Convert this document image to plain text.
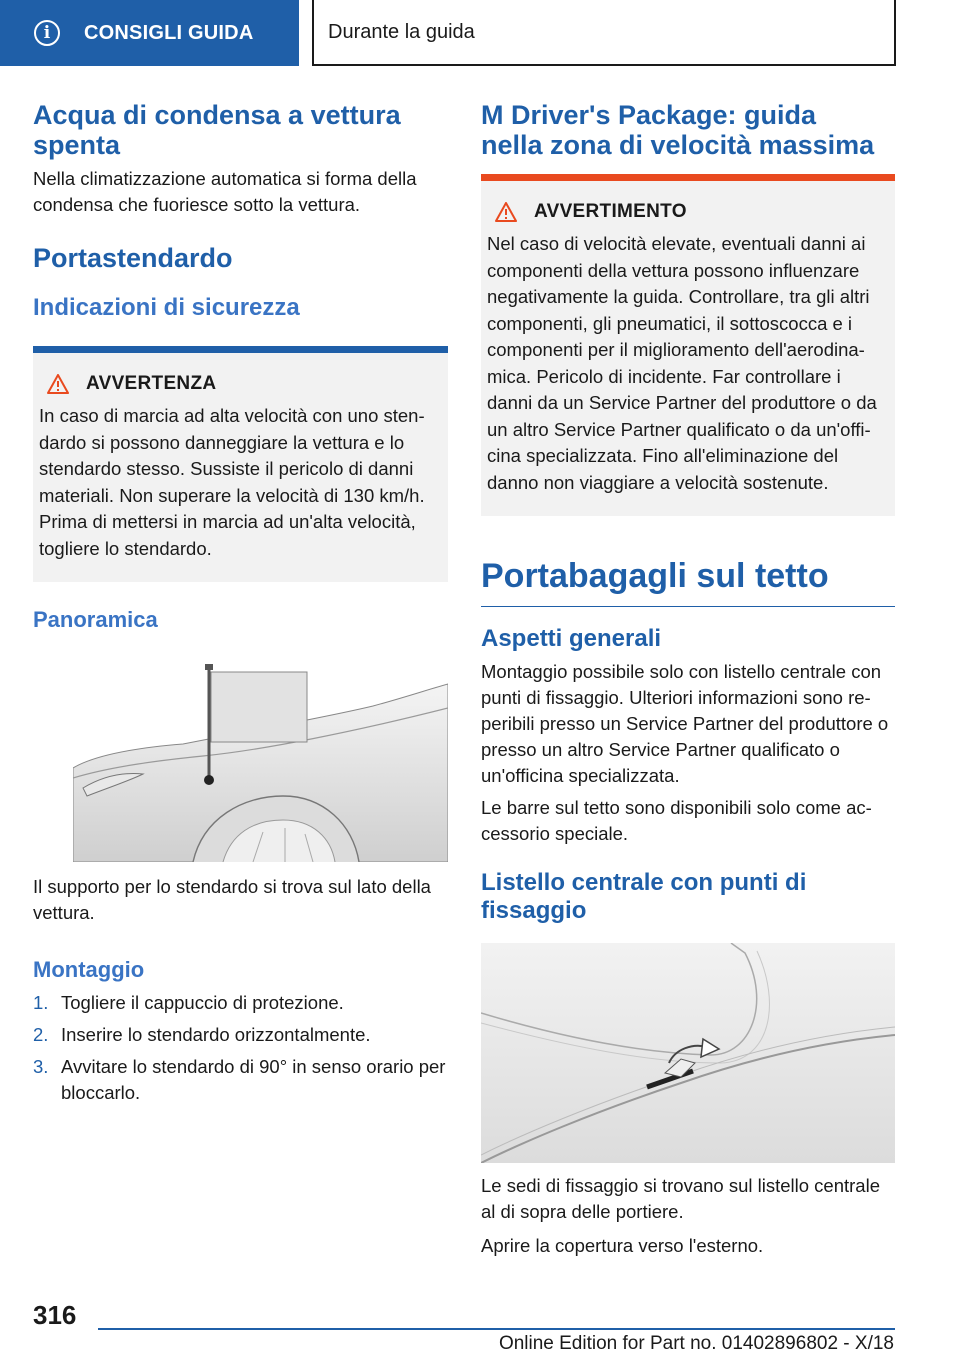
i	CONSIGLI GUIDA	Durante la guida
Acqua di condensa a vettura spenta

Nella climatizzazione automatica si forma della condensa che fuoriesce sotto la vettura.

Portastendardo
Indicazioni di sicurezza
AVVERTENZA

In caso di marcia ad alta velocità con uno sten-dardo si possono danneggiare la vettura e lo stendardo stesso. Sussiste il pericolo di danni materiali. Non superare la velocità di 130 km/h. Prima di mettersi in marcia ad un'alta velocità, togliere lo stendardo.

Panoramica

Il supporto per lo stendardo si trova sul lato della vettura.

Montaggio
1. Togliere il cappuccio di protezione.
2. Inserire lo stendardo orizzontalmente.
3. Avvitare lo stendardo di 90° in senso orario per bloccarlo.
M Driver's Package: guida nella zona di velocità massima
AVVERTIMENTO

Nel caso di velocità elevate, eventuali danni ai componenti della vettura possono influenzare negativamente la guida. Controllare, tra gli altri componenti, gli pneumatici, il sottoscocca e i componenti per il miglioramento dell'aerodina-mica. Pericolo di incidente. Far controllare i danni da un Service Partner del produttore o da un altro Service Partner qualificato o da un'offi-cina specializzata. Fino all'eliminazione del danno non viaggiare a velocità sostenute.

Portabagagli sul tetto
Aspetti generali

Montaggio possibile solo con listello centrale con punti di fissaggio. Ulteriori informazioni sono re-peribili presso un Service Partner del produttore o presso un altro Service Partner qualificato o un'officina specializzata.

Le barre sul tetto sono disponibili solo come ac-cessorio speciale.

Listello centrale con punti di fissaggio

Le sedi di fissaggio si trovano sul listello centrale al di sopra delle portiere.

Aprire la copertura verso l'esterno.

316
Online Edition for Part no. 01402896802 - X/18
